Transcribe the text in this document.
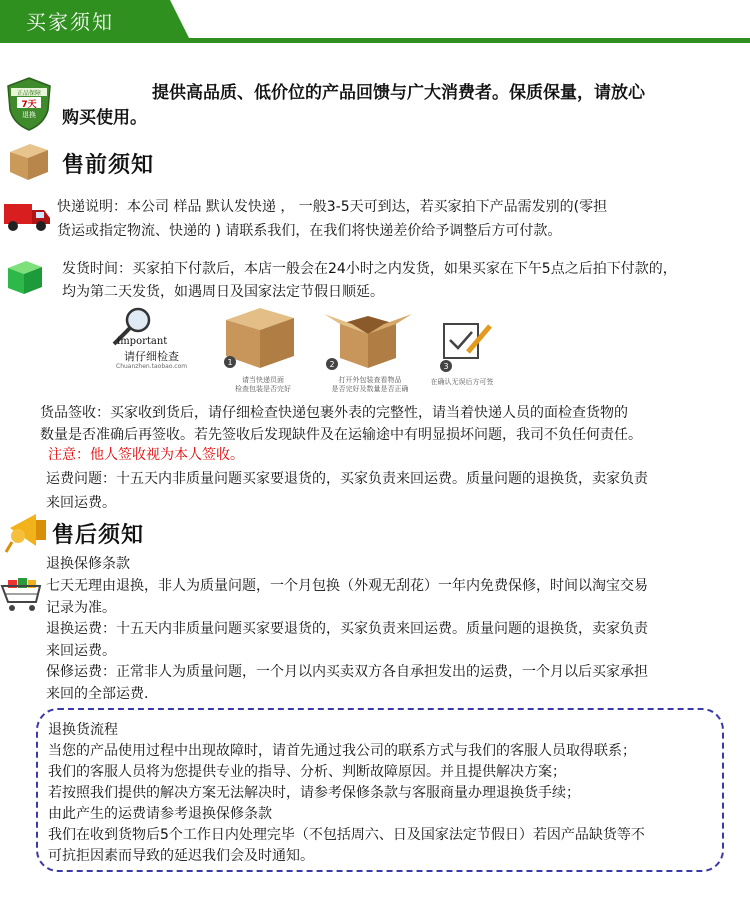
买家须知
正品保障
7天
退换
提供高品质、低价位的产品回馈与广大消费者。保质保量，请放心
购买使用。
售前须知
快递说明：本公司 样品 默认发快递 ， 一般3-5天可到达，若买家拍下产品需发别的(零担
货运或指定物流、快递的 ) 请联系我们，在我们将快递差价给予调整后方可付款。
发货时间：买家拍下付款后，本店一般会在24小时之内发货，如果买家在下午5点之后拍下付款的，
均为第二天发货，如遇周日及国家法定节假日顺延。
important
请仔细检查
Chuanzhen.taobao.com	1
请当快递员面
检查包装是否完好
2
打开外包装查看物品
是否完好及数量是否正确
3
在确认无误后方可签
货品签收：买家收到货后，请仔细检查快递包裹外表的完整性，请当着快递人员的面检查货物的
数量是否准确后再签收。若先签收后发现缺件及在运输途中有明显损坏问题，我司不负任何责任。
注意：他人签收视为本人签收。
运费问题：十五天内非质量问题买家要退货的，买家负责来回运费。质量问题的退换货，卖家负责
来回运费。
售后须知
退换保修条款
七天无理由退换，非人为质量问题，一个月包换（外观无刮花）一年内免费保修，时间以淘宝交易
记录为准。
退换运费：十五天内非质量问题买家要退货的，买家负责来回运费。质量问题的退换货，卖家负责
来回运费。
保修运费：正常非人为质量问题，一个月以内买卖双方各自承担发出的运费，一个月以后买家承担
来回的全部运费.
退换货流程
当您的产品使用过程中出现故障时，请首先通过我公司的联系方式与我们的客服人员取得联系；
我们的客服人员将为您提供专业的指导、分析、判断故障原因。并且提供解决方案；
若按照我们提供的解决方案无法解决时，请参考保修条款与客服商量办理退换货手续；
由此产生的运费请参考退换保修条款
我们在收到货物后5个工作日内处理完毕（不包括周六、日及国家法定节假日）若因产品缺货等不
可抗拒因素而导致的延迟我们会及时通知。
